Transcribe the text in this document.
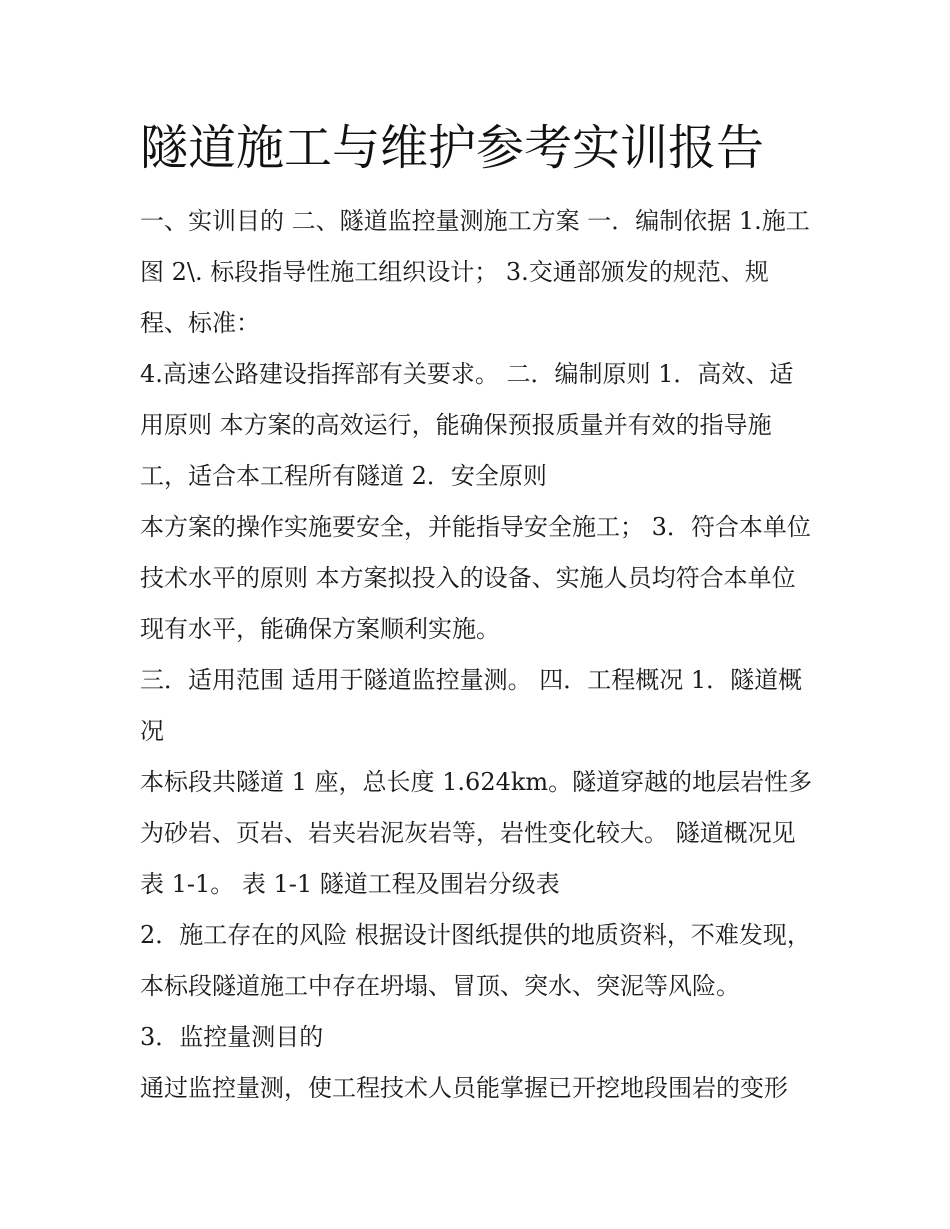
隧道施工与维护参考实训报告

一、实训目的 二、隧道监控量测施工方案 一．编制依据 1.施工图 2\. 标段指导性施工组织设计； 3.交通部颁发的规范、规程、标准：

4.高速公路建设指挥部有关要求。 二．编制原则 1．高效、适用原则 本方案的高效运行，能确保预报质量并有效的指导施工，适合本工程所有隧道 2．安全原则

本方案的操作实施要安全，并能指导安全施工； 3．符合本单位技术水平的原则 本方案拟投入的设备、实施人员均符合本单位现有水平，能确保方案顺利实施。

三．适用范围 适用于隧道监控量测。 四．工程概况 1．隧道概况

本标段共隧道 1 座，总长度 1.624km。隧道穿越的地层岩性多为砂岩、页岩、岩夹岩泥灰岩等，岩性变化较大。 隧道概况见表 1-1。 表 1-1 隧道工程及围岩分级表

2．施工存在的风险 根据设计图纸提供的地质资料，不难发现，本标段隧道施工中存在坍塌、冒顶、突水、突泥等风险。

3．监控量测目的

通过监控量测，使工程技术人员能掌握已开挖地段围岩的变形
